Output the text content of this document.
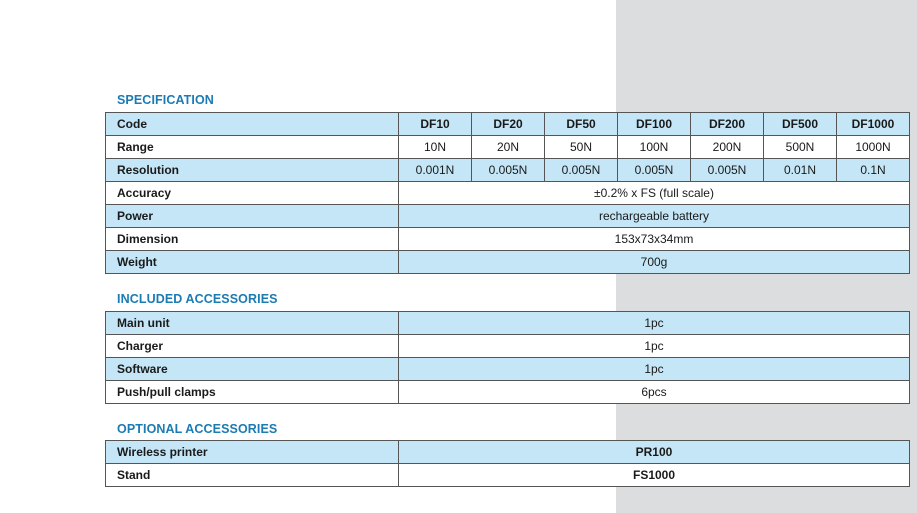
SPECIFICATION
Code	DF10	DF20	DF50	DF100	DF200	DF500	DF1000
Range	10N	20N	50N	100N	200N	500N	1000N
Resolution	0.001N	0.005N	0.005N	0.005N	0.005N	0.01N	0.1N
Accuracy	±0.2% x FS (full scale)						
Power	rechargeable battery						
Dimension	153x73x34mm						
Weight	700g						
INCLUDED ACCESSORIES
Main unit	1pc
Charger	1pc
Software	1pc
Push/pull clamps	6pcs
OPTIONAL ACCESSORIES
Wireless printer	PR100
Stand	FS1000
